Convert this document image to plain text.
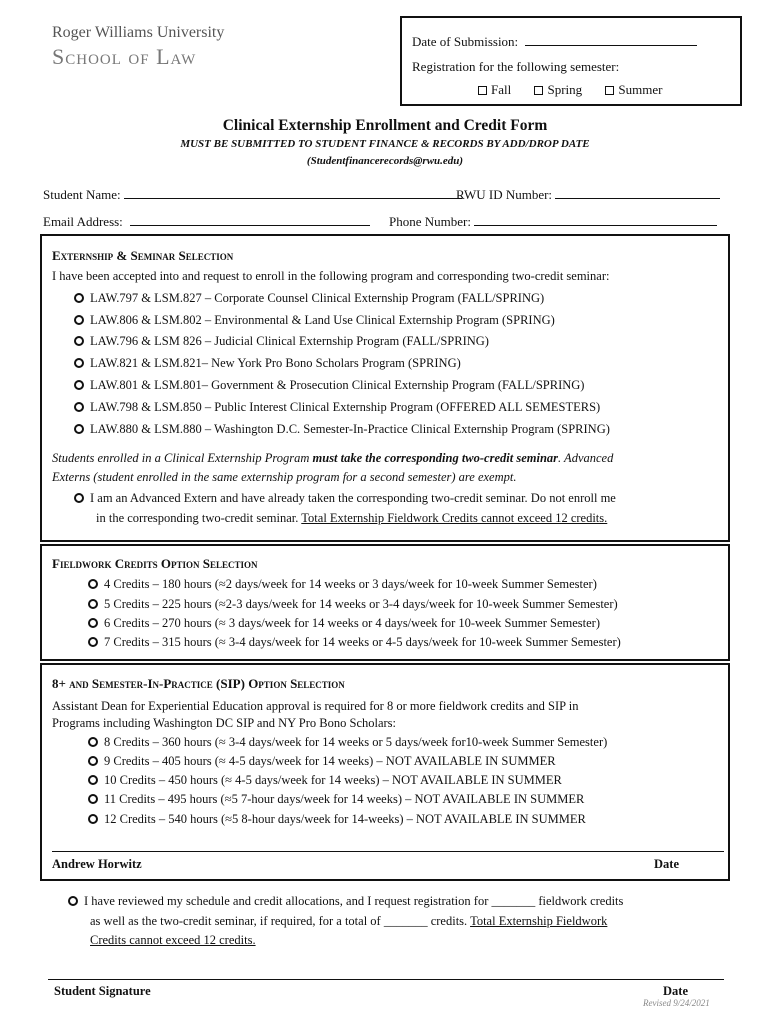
Roger Williams University
School of Law
Date of Submission:
Registration for the following semester:
Fall	Spring	Summer
Clinical Externship Enrollment and Credit Form
MUST BE SUBMITTED TO STUDENT FINANCE & RECORDS BY ADD/DROP DATE
(Studentfinancerecords@rwu.edu)
Student Name:	RWU ID Number:
Email Address:	Phone Number:
Externship & Seminar Selection
I have been accepted into and request to enroll in the following program and corresponding two-credit seminar:
LAW.797 & LSM.827 – Corporate Counsel Clinical Externship Program (FALL/SPRING)
LAW.806 & LSM.802 – Environmental & Land Use Clinical Externship Program (SPRING)
LAW.796 & LSM 826 – Judicial Clinical Externship Program (FALL/SPRING)
LAW.821 & LSM.821– New York Pro Bono Scholars Program (SPRING)
LAW.801 & LSM.801– Government & Prosecution Clinical Externship Program (FALL/SPRING)
LAW.798 & LSM.850 – Public Interest Clinical Externship Program (OFFERED ALL SEMESTERS)
LAW.880 & LSM.880 – Washington D.C. Semester-In-Practice Clinical Externship Program (SPRING)
Students enrolled in a Clinical Externship Program must take the corresponding two-credit seminar. Advanced
Externs (student enrolled in the same externship program for a second semester) are exempt.
I am an Advanced Extern and have already taken the corresponding two-credit seminar. Do not enroll me
in the corresponding two-credit seminar. Total Externship Fieldwork Credits cannot exceed 12 credits.
Fieldwork Credits Option Selection
4 Credits – 180 hours (≈2 days/week for 14 weeks or 3 days/week for 10-week Summer Semester)
5 Credits – 225 hours (≈2-3 days/week for 14 weeks or 3-4 days/week for 10-week Summer Semester)
6 Credits – 270 hours (≈ 3 days/week for 14 weeks or 4 days/week for 10-week Summer Semester)
7 Credits – 315 hours (≈ 3-4 days/week for 14 weeks or 4-5 days/week for 10-week Summer Semester)
8+ and Semester-In-Practice (SIP) Option Selection
Assistant Dean for Experiential Education approval is required for 8 or more fieldwork credits and SIP in
Programs including Washington DC SIP and NY Pro Bono Scholars:
8 Credits – 360 hours (≈ 3-4 days/week for 14 weeks or 5 days/week for10-week Summer Semester)
9 Credits – 405 hours (≈ 4-5 days/week for 14 weeks) – NOT AVAILABLE IN SUMMER
10 Credits – 450 hours (≈ 4-5 days/week for 14 weeks) – NOT AVAILABLE IN SUMMER
11 Credits – 495 hours (≈5 7-hour days/week for 14 weeks) – NOT AVAILABLE IN SUMMER
12 Credits – 540 hours (≈5 8-hour days/week for 14-weeks) – NOT AVAILABLE IN SUMMER
Andrew Horwitz	Date
I have reviewed my schedule and credit allocations, and I request registration for _______ fieldwork credits
as well as the two-credit seminar, if required, for a total of _______ credits. Total Externship Fieldwork
Credits cannot exceed 12 credits.
Student Signature	Date
Revised 9/24/2021
